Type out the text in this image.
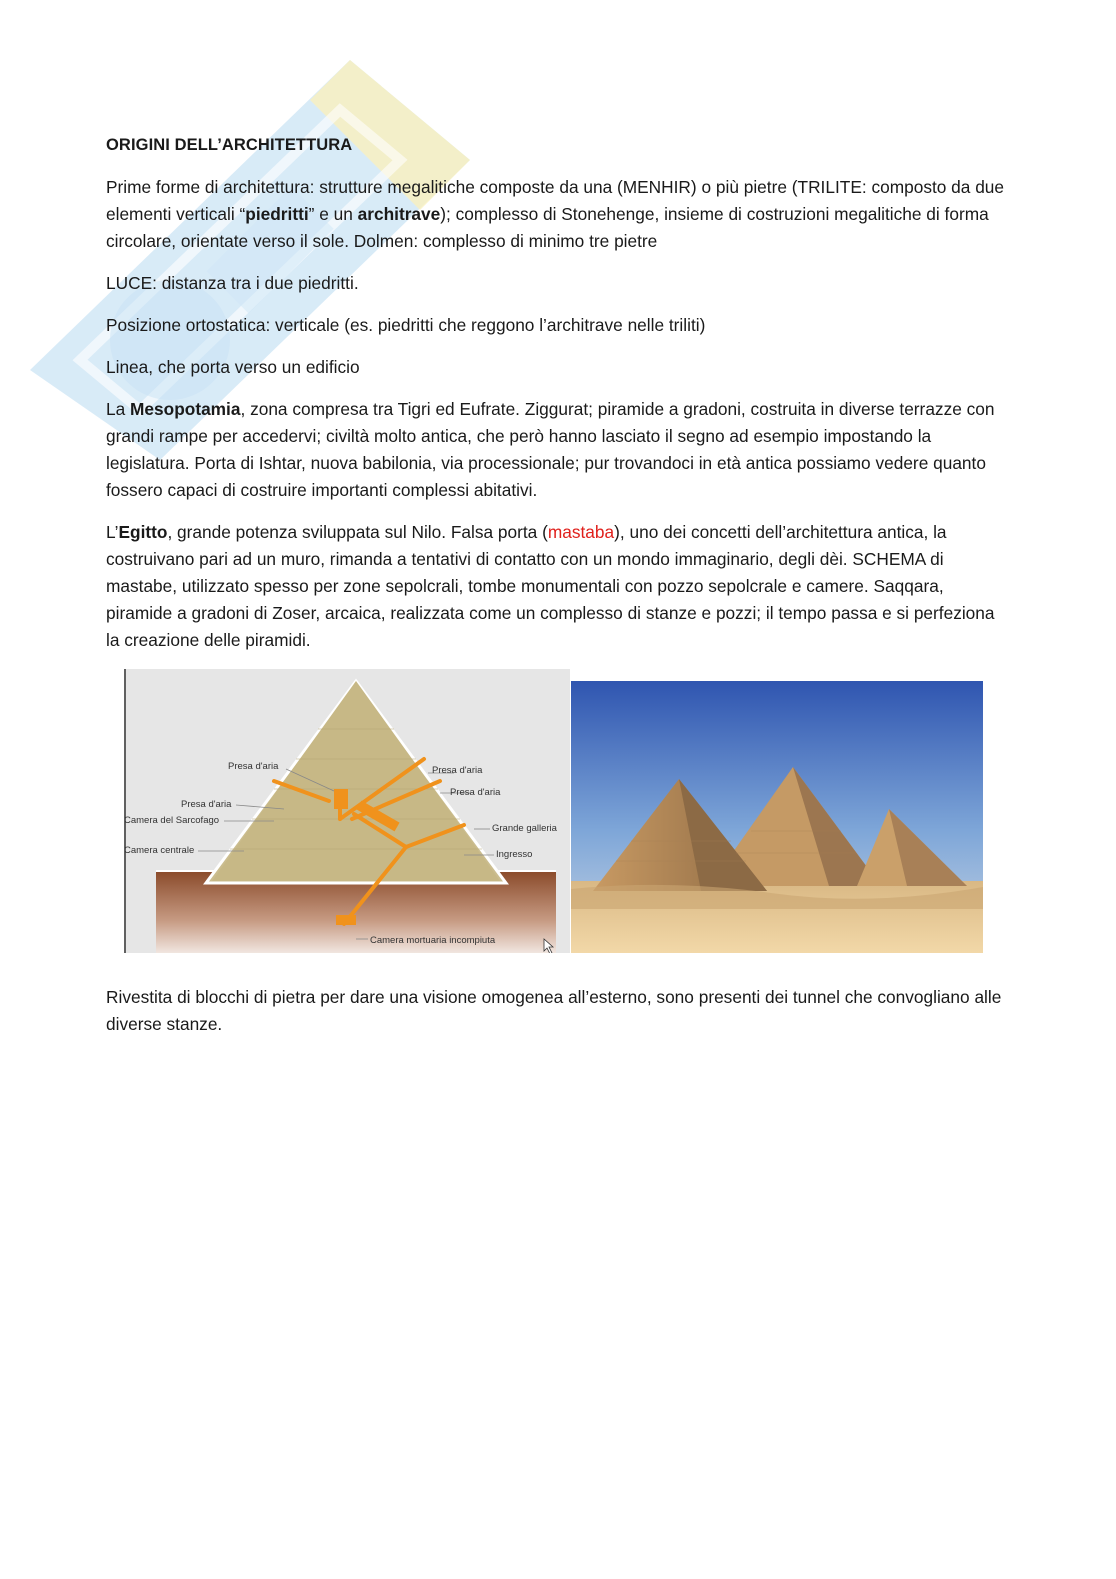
ORIGINI DELL’ARCHITETTURA

Prime forme di architettura: strutture megalitiche composte da una (MENHIR) o più pietre (TRILITE: composto da due elementi verticali “piedritti” e un architrave); complesso di Stonehenge, insieme di costruzioni megalitiche di forma circolare, orientate verso il sole. Dolmen: complesso di minimo tre pietre

LUCE: distanza tra i due piedritti.

Posizione ortostatica: verticale (es. piedritti che reggono l’architrave nelle triliti)

Linea, che porta verso un edificio

La Mesopotamia, zona compresa tra Tigri ed Eufrate. Ziggurat; piramide a gradoni, costruita in diverse terrazze con grandi rampe per accedervi; civiltà molto antica, che però hanno lasciato il segno ad esempio impostando la legislatura. Porta di Ishtar, nuova babilonia, via processionale; pur trovandoci in età antica possiamo vedere quanto fossero capaci di costruire importanti complessi abitativi.

L’Egitto, grande potenza sviluppata sul Nilo. Falsa porta (mastaba), uno dei concetti dell’architettura antica, la costruivano pari ad un muro, rimanda a tentativi di contatto con un mondo immaginario, degli dèi. SCHEMA di mastabe, utilizzato spesso per zone sepolcrali, tombe monumentali con pozzo sepolcrale e camere. Saqqara, piramide a gradoni di Zoser, arcaica, realizzata come un complesso di stanze e pozzi; il tempo passa e si perfeziona la creazione delle piramidi.

Presa d'aria	Presa d'aria
Presa d'aria
Presa d'aria
Camera del Sarcofago
Camera centrale
Grande galleria
Ingresso
Camera mortuaria incompiuta

Rivestita di blocchi di pietra per dare una visione omogenea all’esterno, sono presenti dei tunnel che convogliano alle diverse stanze.
